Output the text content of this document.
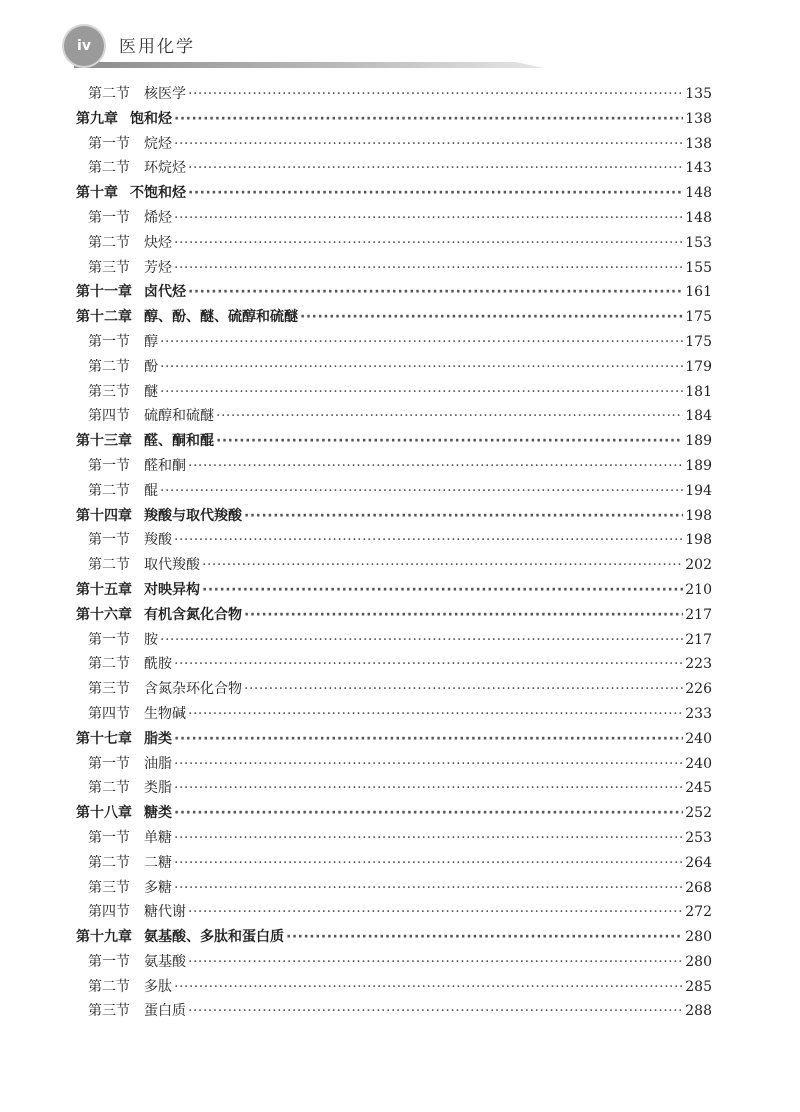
iv	医用化学
第二节 核医学 ·····	135
第九章 饱和烃 ·····	138
第一节 烷烃 ·····	138
第二节 环烷烃 ·····	143
第十章 不饱和烃 ·····	148
第一节 烯烃 ·····	148
第二节 炔烃 ·····	153
第三节 芳烃 ·····	155
第十一章 卤代烃 ·····	161
第十二章 醇、酚、醚、硫醇和硫醚 ·····	175
第一节 醇 ·····	175
第二节 酚 ·····	179
第三节 醚 ·····	181
第四节 硫醇和硫醚 ·····	184
第十三章 醛、酮和醌 ·····	189
第一节 醛和酮 ·····	189
第二节 醌 ·····	194
第十四章 羧酸与取代羧酸 ·····	198
第一节 羧酸 ·····	198
第二节 取代羧酸 ·····	202
第十五章 对映异构 ·····	210
第十六章 有机含氮化合物 ·····	217
第一节 胺 ·····	217
第二节 酰胺 ·····	223
第三节 含氮杂环化合物 ·····	226
第四节 生物碱 ·····	233
第十七章 脂类 ·····	240
第一节 油脂 ·····	240
第二节 类脂 ·····	245
第十八章 糖类 ·····	252
第一节 单糖 ·····	253
第二节 二糖 ·····	264
第三节 多糖 ·····	268
第四节 糖代谢 ·····	272
第十九章 氨基酸、多肽和蛋白质 ·····	280
第一节 氨基酸 ·····	280
第二节 多肽 ·····	285
第三节 蛋白质 ·····	288
